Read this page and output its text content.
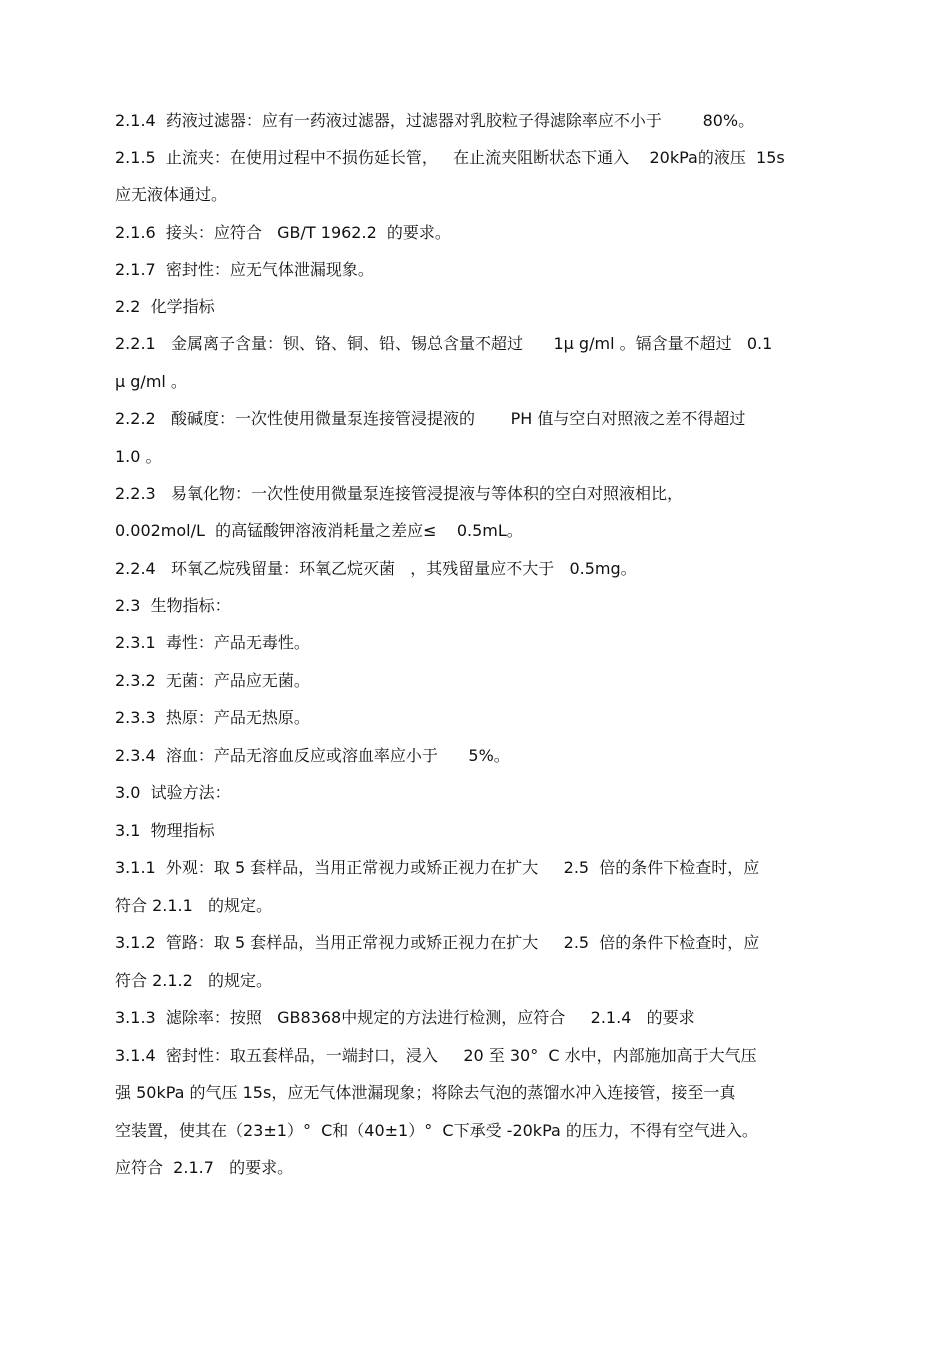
2.1.4  药液过滤器：应有一药液过滤器，过滤器对乳胶粒子得滤除率应不小于        80%。
2.1.5  止流夹：在使用过程中不损伤延长管，   在止流夹阻断状态下通入    20kPa的液压  15s
应无液体通过。
2.1.6  接头：应符合   GB/T 1962.2  的要求。
2.1.7  密封性：应无气体泄漏现象。
2.2  化学指标
2.2.1   金属离子含量：钡、铬、铜、铅、锡总含量不超过      1μ g/ml 。镉含量不超过   0.1
μ g/ml 。
2.2.2   酸碱度：一次性使用微量泵连接管浸提液的       PH 值与空白对照液之差不得超过
1.0 。
2.2.3   易氧化物：一次性使用微量泵连接管浸提液与等体积的空白对照液相比，
0.002mol/L  的高锰酸钾溶液消耗量之差应≤    0.5mL。
2.2.4   环氧乙烷残留量：环氧乙烷灭菌   ，其残留量应不大于   0.5mg。
2.3  生物指标：
2.3.1  毒性：产品无毒性。
2.3.2  无菌：产品应无菌。
2.3.3  热原：产品无热原。
2.3.4  溶血：产品无溶血反应或溶血率应小于      5%。
3.0  试验方法：
3.1  物理指标
3.1.1  外观：取 5 套样品，当用正常视力或矫正视力在扩大     2.5  倍的条件下检查时，应
符合 2.1.1   的规定。
3.1.2  管路：取 5 套样品，当用正常视力或矫正视力在扩大     2.5  倍的条件下检查时，应
符合 2.1.2   的规定。
3.1.3  滤除率：按照   GB8368中规定的方法进行检测，应符合     2.1.4   的要求
3.1.4  密封性：取五套样品，一端封口，浸入     20 至 30°  C 水中，内部施加高于大气压
强 50kPa 的气压 15s，应无气体泄漏现象；将除去气泡的蒸馏水冲入连接管，接至一真
空装置，使其在（23±1）°  C和（40±1）°  C下承受 -20kPa 的压力，不得有空气进入。
应符合  2.1.7   的要求。
